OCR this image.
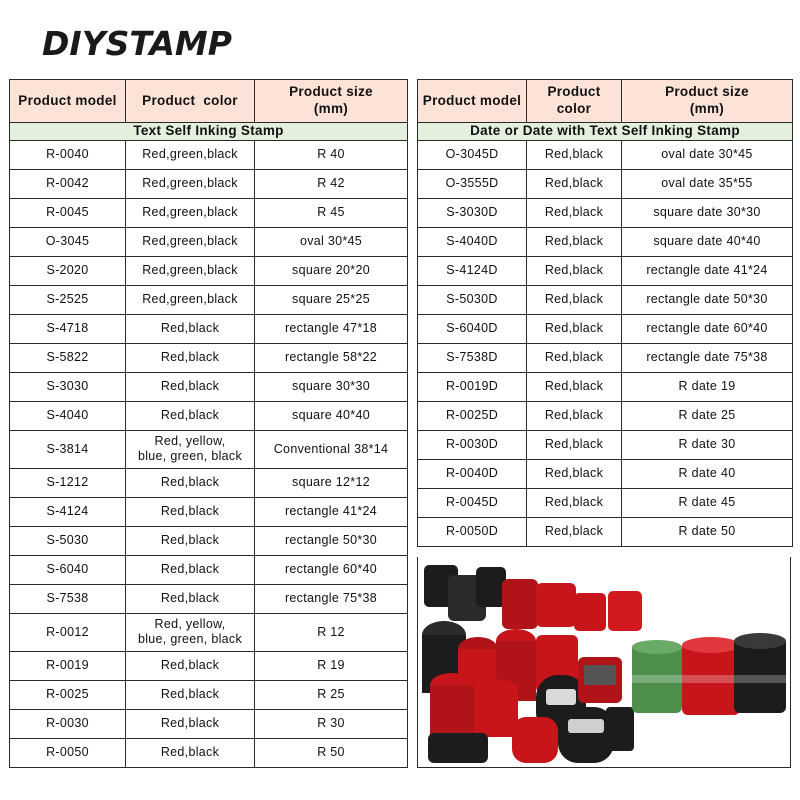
DIYSTAMP
Product model	Product  color	Product size
(mm)
Text Self Inking Stamp		
R-0040	Red,green,black	R 40
R-0042	Red,green,black	R 42
R-0045	Red,green,black	R 45
O-3045	Red,green,black	oval 30*45
S-2020	Red,green,black	square 20*20
S-2525	Red,green,black	square 25*25
S-4718	Red,black	rectangle 47*18
S-5822	Red,black	rectangle 58*22
S-3030	Red,black	square 30*30
S-4040	Red,black	square 40*40
S-3814	Red, yellow,
blue, green, black	Conventional 38*14
S-1212	Red,black	square 12*12
S-4124	Red,black	rectangle 41*24
S-5030	Red,black	rectangle 50*30
S-6040	Red,black	rectangle 60*40
S-7538	Red,black	rectangle 75*38
R-0012	Red, yellow,
blue, green, black	R 12
R-0019	Red,black	R 19
R-0025	Red,black	R 25
R-0030	Red,black	R 30
R-0050	Red,black	R 50
Product model	Product
color	Product size
(mm)
Date or Date with Text Self Inking Stamp		
O-3045D	Red,black	oval date 30*45
O-3555D	Red,black	oval date 35*55
S-3030D	Red,black	square date 30*30
S-4040D	Red,black	square date 40*40
S-4124D	Red,black	rectangle date 41*24
S-5030D	Red,black	rectangle date 50*30
S-6040D	Red,black	rectangle date 60*40
S-7538D	Red,black	rectangle date 75*38
R-0019D	Red,black	R date 19
R-0025D	Red,black	R date 25
R-0030D	Red,black	R date 30
R-0040D	Red,black	R date 40
R-0045D	Red,black	R date 45
R-0050D	Red,black	R date 50
